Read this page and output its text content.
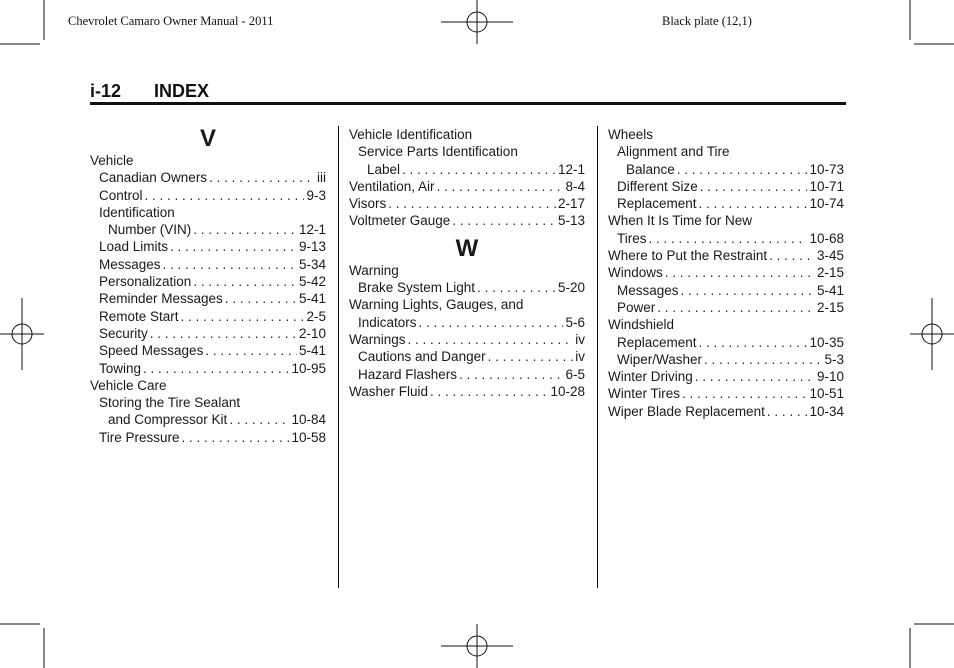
Chevrolet Camaro Owner Manual - 2011	Black plate (12,1)
i-12 INDEX
V
Vehicle
Canadian Owners . . .	iii
Control . . .	9-3
Identification
Number (VIN) . . .	12-1
Load Limits . . .	9-13
Messages . . .	5-34
Personalization . . .	5-42
Reminder Messages . . .	5-41
Remote Start . . .	2-5
Security . . .	2-10
Speed Messages . . .	5-41
Towing . . .	10-95
Vehicle Care
Storing the Tire Sealant
and Compressor Kit . . .	10-84
Tire Pressure . . .	10-58
Vehicle Identification
Service Parts Identification
Label . . .	12-1
Ventilation, Air . . .	8-4
Visors . . .	2-17
Voltmeter Gauge . . .	5-13
W
Warning
Brake System Light . . .	5-20
Warning Lights, Gauges, and
Indicators . . .	5-6
Warnings . . .	iv
Cautions and Danger . . .	iv
Hazard Flashers . . .	6-5
Washer Fluid . . .	10-28
Wheels
Alignment and Tire
Balance . . .	10-73
Different Size . . .	10-71
Replacement . . .	10-74
When It Is Time for New
Tires . . .	10-68
Where to Put the Restraint . . .	3-45
Windows . . .	2-15
Messages . . .	5-41
Power . . .	2-15
Windshield
Replacement . . .	10-35
Wiper/Washer . . .	5-3
Winter Driving . . .	9-10
Winter Tires . . .	10-51
Wiper Blade Replacement . . .	10-34
